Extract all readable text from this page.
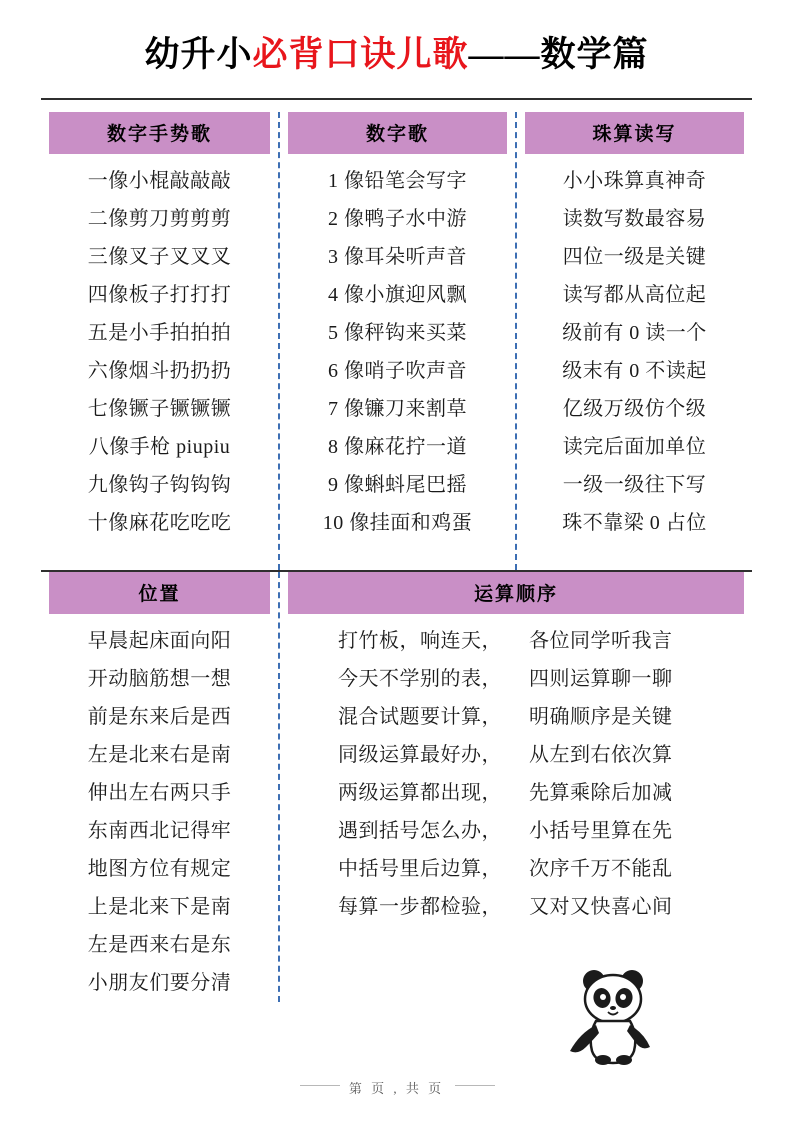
幼升小必背口诀儿歌——数学篇
数字手势歌
一像小棍敲敲敲
二像剪刀剪剪剪
三像叉子叉叉叉
四像板子打打打
五是小手拍拍拍
六像烟斗扔扔扔
七像镢子镢镢镢
八像手枪 piupiu
九像钩子钩钩钩
十像麻花吃吃吃
数字歌
1 像铅笔会写字
2 像鸭子水中游
3 像耳朵听声音
4 像小旗迎风飘
5 像秤钩来买菜
6 像哨子吹声音
7 像镰刀来割草
8 像麻花拧一道
9 像蝌蚪尾巴摇
10 像挂面和鸡蛋
珠算读写
小小珠算真神奇
读数写数最容易
四位一级是关键
读写都从高位起
级前有 0 读一个
级末有 0 不读起
亿级万级仿个级
读完后面加单位
一级一级往下写
珠不靠梁 0 占位
位置
早晨起床面向阳
开动脑筋想一想
前是东来后是西
左是北来右是南
伸出左右两只手
东南西北记得牢
地图方位有规定
上是北来下是南
左是西来右是东
小朋友们要分清
运算顺序
打竹板，响连天， 各位同学听我言
今天不学别的表， 四则运算聊一聊
混合试题要计算， 明确顺序是关键
同级运算最好办， 从左到右依次算
两级运算都出现， 先算乘除后加减
遇到括号怎么办， 小括号里算在先
中括号里后边算， 次序千万不能乱
每算一步都检验， 又对又快喜心间
第 页 , 共 页
